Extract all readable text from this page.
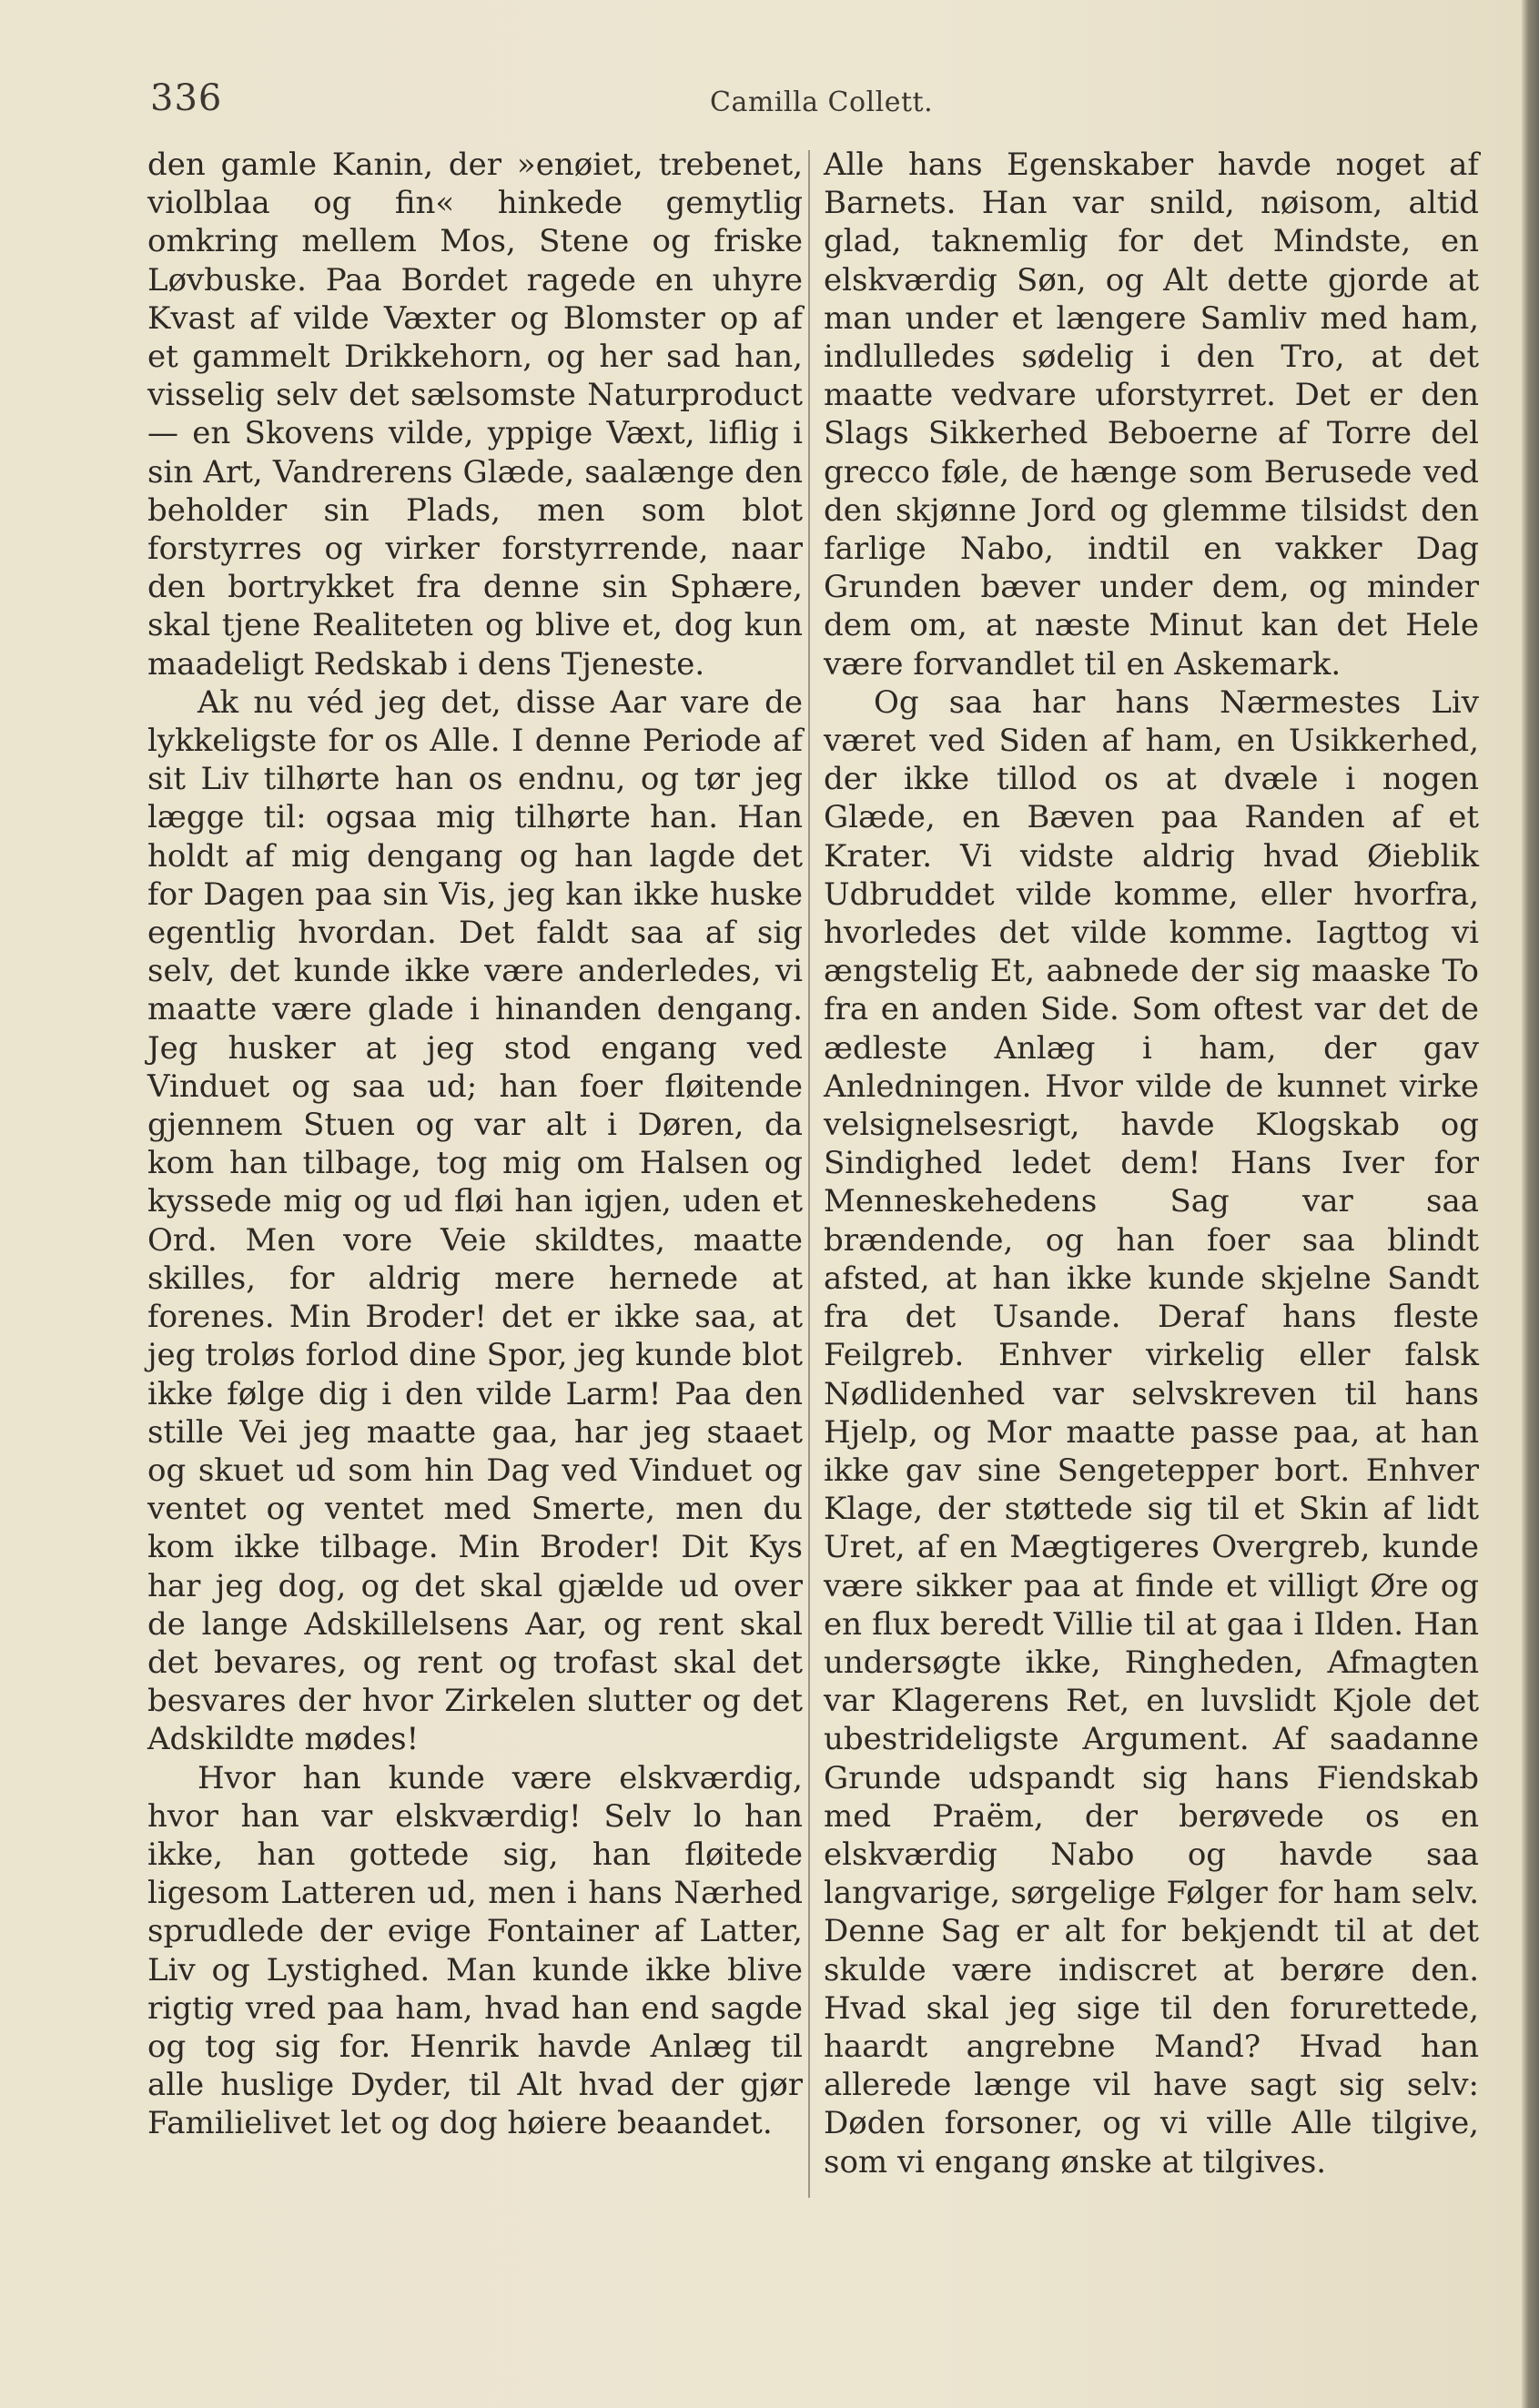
336	Camilla Collett.

den gamle Kanin, der »enøiet, trebenet, violblaa og fin« hinkede gemytlig omkring mellem Mos, Stene og friske Løvbuske. Paa Bordet ragede en uhyre Kvast af vilde Væxter og Blomster op af et gammelt Drikkehorn, og her sad han, visselig selv det sælsomste Naturproduct — en Skovens vilde, yppige Væxt, liflig i sin Art, Vandrerens Glæde, saalænge den beholder sin Plads, men som blot forstyrres og virker forstyrrende, naar den bortrykket fra denne sin Sphære, skal tjene Realiteten og blive et, dog kun maadeligt Redskab i dens Tjeneste.

Ak nu véd jeg det, disse Aar vare de lykkeligste for os Alle. I denne Periode af sit Liv tilhørte han os endnu, og tør jeg lægge til: ogsaa mig tilhørte han. Han holdt af mig dengang og han lagde det for Dagen paa sin Vis, jeg kan ikke huske egentlig hvordan. Det faldt saa af sig selv, det kunde ikke være anderledes, vi maatte være glade i hinanden dengang. Jeg husker at jeg stod engang ved Vinduet og saa ud; han foer fløitende gjennem Stuen og var alt i Døren, da kom han tilbage, tog mig om Halsen og kyssede mig og ud fløi han igjen, uden et Ord. Men vore Veie skildtes, maatte skilles, for aldrig mere hernede at forenes. Min Broder! det er ikke saa, at jeg troløs forlod dine Spor, jeg kunde blot ikke følge dig i den vilde Larm! Paa den stille Vei jeg maatte gaa, har jeg staaet og skuet ud som hin Dag ved Vinduet og ventet og ventet med Smerte, men du kom ikke tilbage. Min Broder! Dit Kys har jeg dog, og det skal gjælde ud over de lange Adskillelsens Aar, og rent skal det bevares, og rent og trofast skal det besvares der hvor Zirkelen slutter og det Adskildte mødes!

Hvor han kunde være elskværdig, hvor han var elskværdig! Selv lo han ikke, han gottede sig, han fløitede ligesom Latteren ud, men i hans Nærhed sprudlede der evige Fontainer af Latter, Liv og Lystighed. Man kunde ikke blive rigtig vred paa ham, hvad han end sagde og tog sig for. Henrik havde Anlæg til alle huslige Dyder, til Alt hvad der gjør Familielivet let og dog høiere beaandet.

Alle hans Egenskaber havde noget af Barnets. Han var snild, nøisom, altid glad, taknemlig for det Mindste, en elskværdig Søn, og Alt dette gjorde at man under et længere Samliv med ham, indlulledes sødelig i den Tro, at det maatte vedvare uforstyrret. Det er den Slags Sikkerhed Beboerne af Torre del grecco føle, de hænge som Berusede ved den skjønne Jord og glemme tilsidst den farlige Nabo, indtil en vakker Dag Grunden bæver under dem, og minder dem om, at næste Minut kan det Hele være forvandlet til en Askemark.

Og saa har hans Nærmestes Liv været ved Siden af ham, en Usikkerhed, der ikke tillod os at dvæle i nogen Glæde, en Bæven paa Randen af et Krater. Vi vidste aldrig hvad Øieblik Udbruddet vilde komme, eller hvorfra, hvorledes det vilde komme. Iagttog vi ængstelig Et, aabnede der sig maaske To fra en anden Side. Som oftest var det de ædleste Anlæg i ham, der gav Anledningen. Hvor vilde de kunnet virke velsignelsesrigt, havde Klogskab og Sindighed ledet dem! Hans Iver for Menneskehedens Sag var saa brændende, og han foer saa blindt afsted, at han ikke kunde skjelne Sandt fra det Usande. Deraf hans fleste Feilgreb. Enhver virkelig eller falsk Nødlidenhed var selvskreven til hans Hjelp, og Mor maatte passe paa, at han ikke gav sine Sengetepper bort. Enhver Klage, der støttede sig til et Skin af lidt Uret, af en Mægtigeres Overgreb, kunde være sikker paa at finde et villigt Øre og en flux beredt Villie til at gaa i Ilden. Han undersøgte ikke, Ringheden, Afmagten var Klagerens Ret, en luvslidt Kjole det ubestrideligste Argument. Af saadanne Grunde udspandt sig hans Fiendskab med Praëm, der berøvede os en elskværdig Nabo og havde saa langvarige, sørgelige Følger for ham selv. Denne Sag er alt for bekjendt til at det skulde være indiscret at berøre den. Hvad skal jeg sige til den forurettede, haardt angrebne Mand? Hvad han allerede længe vil have sagt sig selv: Døden forsoner, og vi ville Alle tilgive, som vi engang ønske at tilgives.
